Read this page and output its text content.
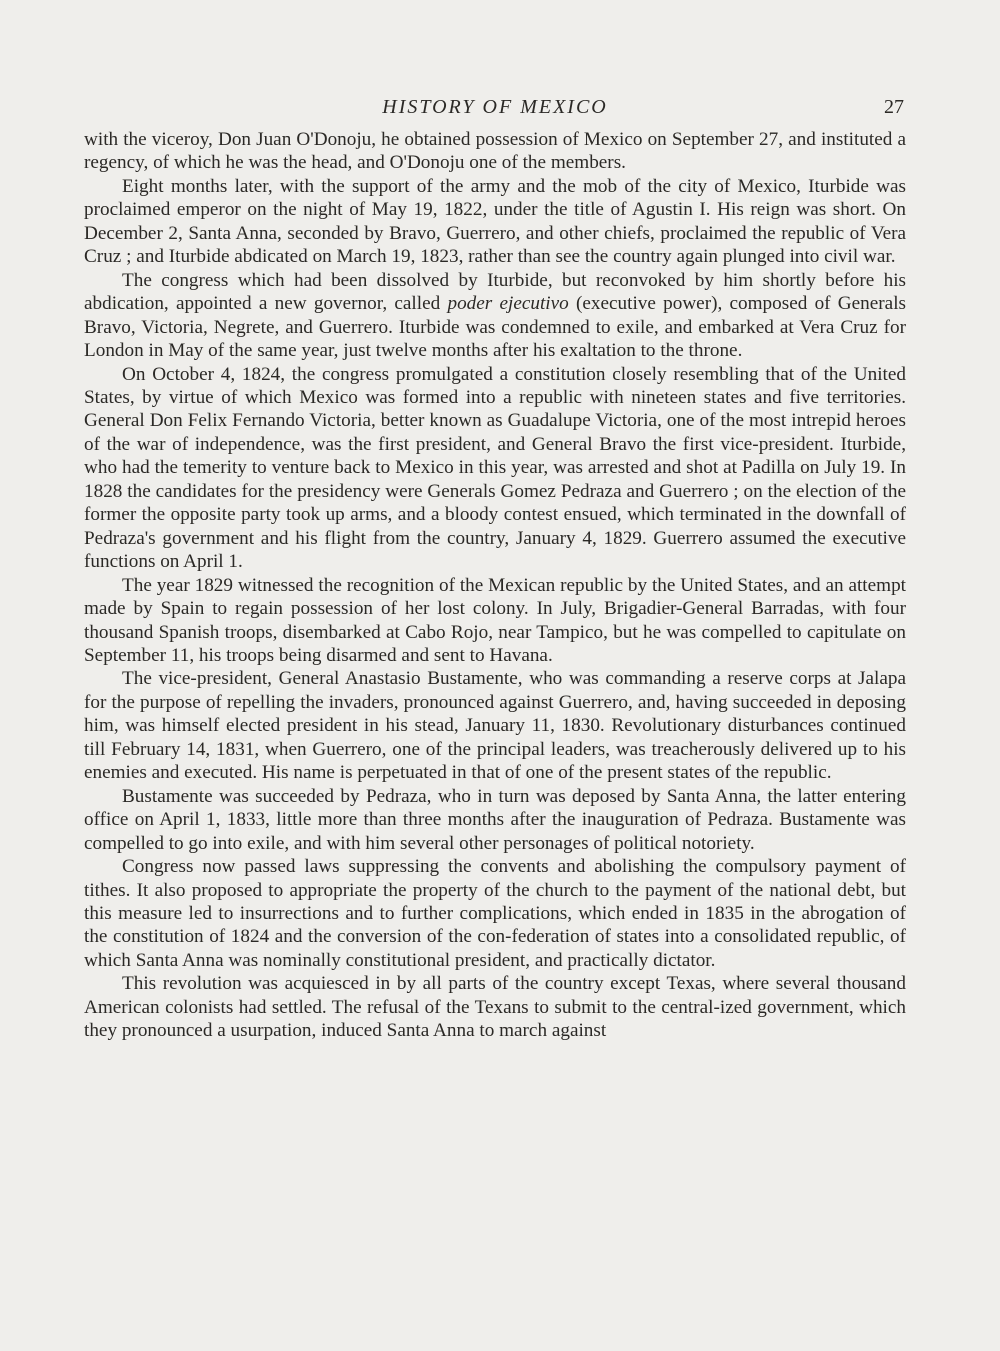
HISTORY OF MEXICO	27

with the viceroy, Don Juan O'Donoju, he obtained possession of Mexico on September 27, and instituted a regency, of which he was the head, and O'Donoju one of the members.

Eight months later, with the support of the army and the mob of the city of Mexico, Iturbide was proclaimed emperor on the night of May 19, 1822, under the title of Agustin I. His reign was short. On December 2, Santa Anna, seconded by Bravo, Guerrero, and other chiefs, proclaimed the republic of Vera Cruz ; and Iturbide abdicated on March 19, 1823, rather than see the country again plunged into civil war.

The congress which had been dissolved by Iturbide, but reconvoked by him shortly before his abdication, appointed a new governor, called poder ejecutivo (executive power), composed of Generals Bravo, Victoria, Negrete, and Guerrero. Iturbide was condemned to exile, and embarked at Vera Cruz for London in May of the same year, just twelve months after his exaltation to the throne.

On October 4, 1824, the congress promulgated a constitution closely resembling that of the United States, by virtue of which Mexico was formed into a republic with nineteen states and five territories. General Don Felix Fernando Victoria, better known as Guadalupe Victoria, one of the most intrepid heroes of the war of independence, was the first president, and General Bravo the first vice-president. Iturbide, who had the temerity to venture back to Mexico in this year, was arrested and shot at Padilla on July 19. In 1828 the candidates for the presidency were Generals Gomez Pedraza and Guerrero ; on the election of the former the opposite party took up arms, and a bloody contest ensued, which terminated in the downfall of Pedraza's government and his flight from the country, January 4, 1829. Guerrero assumed the executive functions on April 1.

The year 1829 witnessed the recognition of the Mexican republic by the United States, and an attempt made by Spain to regain possession of her lost colony. In July, Brigadier-General Barradas, with four thousand Spanish troops, disembarked at Cabo Rojo, near Tampico, but he was compelled to capitulate on September 11, his troops being disarmed and sent to Havana.

The vice-president, General Anastasio Bustamente, who was commanding a reserve corps at Jalapa for the purpose of repelling the invaders, pronounced against Guerrero, and, having succeeded in deposing him, was himself elected president in his stead, January 11, 1830. Revolutionary disturbances continued till February 14, 1831, when Guerrero, one of the principal leaders, was treacherously delivered up to his enemies and executed. His name is perpetuated in that of one of the present states of the republic.

Bustamente was succeeded by Pedraza, who in turn was deposed by Santa Anna, the latter entering office on April 1, 1833, little more than three months after the inauguration of Pedraza. Bustamente was compelled to go into exile, and with him several other personages of political notoriety.

Congress now passed laws suppressing the convents and abolishing the compulsory payment of tithes. It also proposed to appropriate the property of the church to the payment of the national debt, but this measure led to insurrections and to further complications, which ended in 1835 in the abrogation of the constitution of 1824 and the conversion of the con-federation of states into a consolidated republic, of which Santa Anna was nominally constitutional president, and practically dictator.

This revolution was acquiesced in by all parts of the country except Texas, where several thousand American colonists had settled. The refusal of the Texans to submit to the central-ized government, which they pronounced a usurpation, induced Santa Anna to march against
